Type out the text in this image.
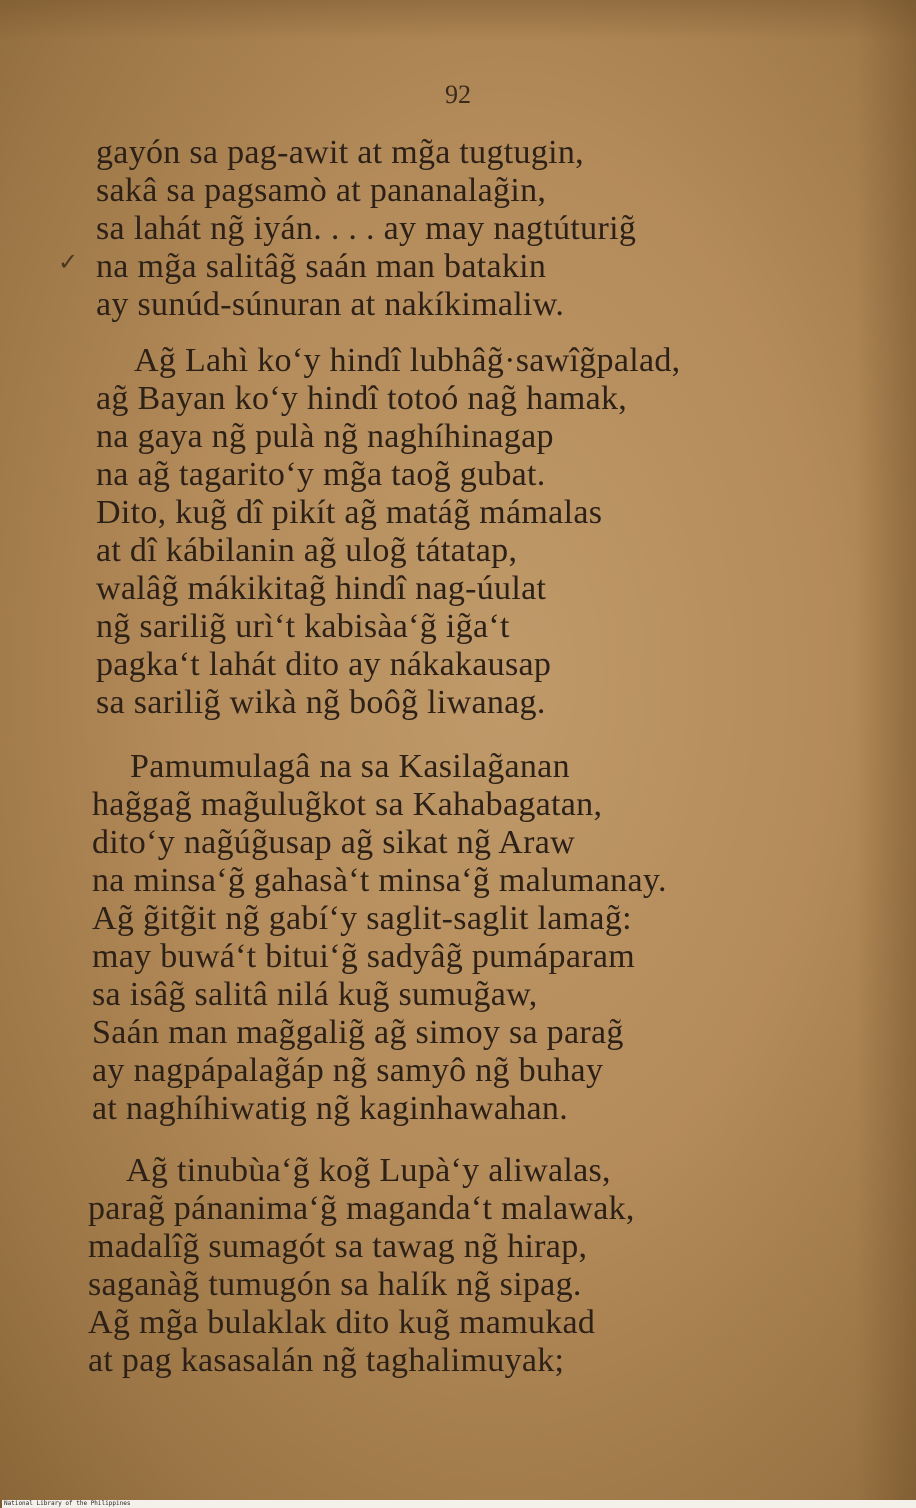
92
✓
gayón sa pag-awit at mg̃a tugtugin,
sakâ sa pagsamò at pananalag̃in,
sa lahát ng̃ iyán. . . . ay may nagtúturig̃
na mg̃a salitâg̃ saán man batakin
ay sunúd-súnuran at nakíkimaliw.
Ag̃ Lahì ko‘y hindî lubhâg̃·sawîg̃palad,
ag̃ Bayan ko‘y hindî totoó nag̃ hamak,
na gaya ng̃ pulà ng̃ naghíhinagap
na ag̃ tagarito‘y mg̃a taog̃ gubat.
Dito, kug̃ dî pikít ag̃ matág̃ mámalas
at dî kábilanin ag̃ ulog̃ tátatap,
walâg̃ mákikitag̃ hindî nag-úulat
ng̃ sarilig̃ urì‘t kabisàa‘g̃ ig̃a‘t
pagka‘t lahát dito ay nákakausap
sa sarilig̃ wikà ng̃ boôg̃ liwanag.
Pamumulagâ na sa Kasilag̃anan
hag̃gag̃ mag̃ulug̃kot sa Kahabagatan,
dito‘y nag̃úg̃usap ag̃ sikat ng̃ Araw
na minsa‘g̃ gahasà‘t minsa‘g̃ malumanay.
Ag̃ g̃itg̃it ng̃ gabí‘y saglit-saglit lamag̃:
may buwá‘t bitui‘g̃ sadyâg̃ pumáparam
sa isâg̃ salitâ nilá kug̃ sumug̃aw,
Saán man mag̃galig̃ ag̃ simoy sa parag̃
ay nagpápalag̃áp ng̃ samyô ng̃ buhay
at naghíhiwatig ng̃ kaginhawahan.
Ag̃ tinubùa‘g̃ kog̃ Lupà‘y aliwalas,
parag̃ pánanima‘g̃ maganda‘t malawak,
madalîg̃ sumagót sa tawag ng̃ hirap,
saganàg̃ tumugón sa halík ng̃ sipag.
Ag̃ mg̃a bulaklak dito kug̃ mamukad
at pag kasasalán ng̃ taghalimuyak;
National Library of the Philippines
